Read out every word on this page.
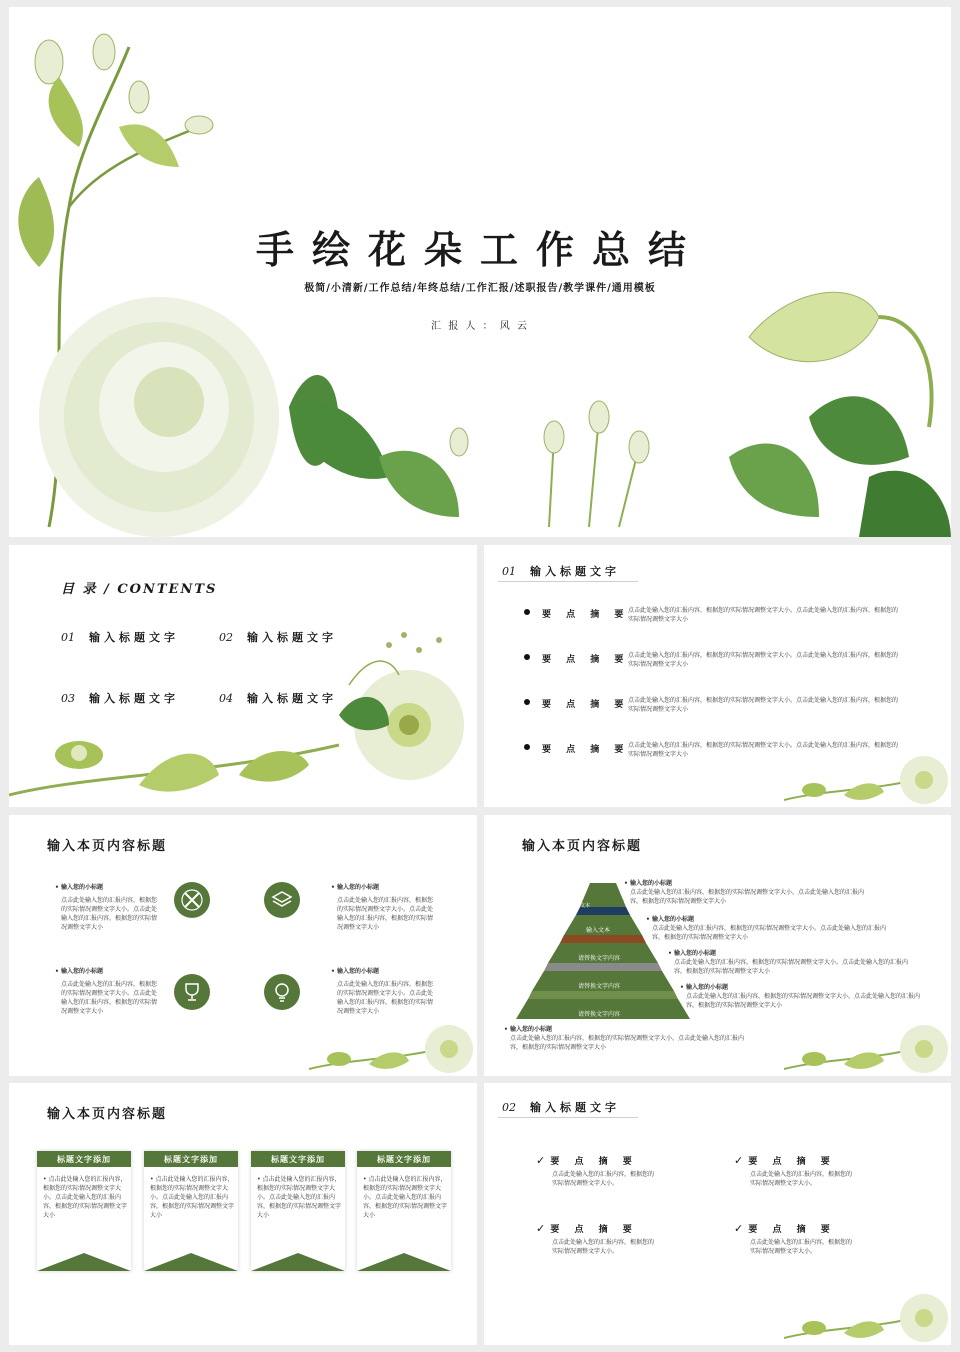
手绘花朵工作总结
极简/小清新/工作总结/年终总结/工作汇报/述职报告/教学课件/通用模板
汇 报 人 ： 风 云
目 录 / CONTENTS
01 输入标题文字	02 输入标题文字
03 输入标题文字	04 输入标题文字
01 输入标题文字
要 点 摘 要
点击此处输入您的汇报内容，根据您的实际情况调整文字大小。点击此处输入您的汇报内容，根据您的实际情况调整文字大小
要 点 摘 要
点击此处输入您的汇报内容，根据您的实际情况调整文字大小。点击此处输入您的汇报内容，根据您的实际情况调整文字大小
要 点 摘 要
点击此处输入您的汇报内容，根据您的实际情况调整文字大小。点击此处输入您的汇报内容，根据您的实际情况调整文字大小
要 点 摘 要
点击此处输入您的汇报内容，根据您的实际情况调整文字大小。点击此处输入您的汇报内容，根据您的实际情况调整文字大小
输入本页内容标题
• 输入您的小标题
点击此处输入您的汇报内容，根据您的实际情况调整文字大小。点击此处输入您的汇报内容，根据您的实际情况调整文字大小
• 输入您的小标题
点击此处输入您的汇报内容，根据您的实际情况调整文字大小。点击此处输入您的汇报内容，根据您的实际情况调整文字大小
• 输入您的小标题
点击此处输入您的汇报内容，根据您的实际情况调整文字大小。点击此处输入您的汇报内容，根据您的实际情况调整文字大小
• 输入您的小标题
点击此处输入您的汇报内容，根据您的实际情况调整文字大小。点击此处输入您的汇报内容，根据您的实际情况调整文字大小
输入本页内容标题
输入文本
输入文本
请替换文字内容
请替换文字内容
请替换文字内容
• 输入您的小标题
点击此处输入您的汇报内容，根据您的实际情况调整文字大小。点击此处输入您的汇报内容，根据您的实际情况调整文字大小
• 输入您的小标题
点击此处输入您的汇报内容，根据您的实际情况调整文字大小。点击此处输入您的汇报内容，根据您的实际情况调整文字大小
• 输入您的小标题
点击此处输入您的汇报内容，根据您的实际情况调整文字大小。点击此处输入您的汇报内容，根据您的实际情况调整文字大小
• 输入您的小标题
点击此处输入您的汇报内容，根据您的实际情况调整文字大小。点击此处输入您的汇报内容，根据您的实际情况调整文字大小
• 输入您的小标题
点击此处输入您的汇报内容，根据您的实际情况调整文字大小。点击此处输入您的汇报内容，根据您的实际情况调整文字大小
输入本页内容标题
标题文字添加
• 点击此处输入您的汇报内容，根据您的实际情况调整文字大小。点击此处输入您的汇报内容，根据您的实际情况调整文字大小
标题文字添加
• 点击此处输入您的汇报内容，根据您的实际情况调整文字大小。点击此处输入您的汇报内容，根据您的实际情况调整文字大小
标题文字添加
• 点击此处输入您的汇报内容，根据您的实际情况调整文字大小。点击此处输入您的汇报内容，根据您的实际情况调整文字大小
标题文字添加
• 点击此处输入您的汇报内容，根据您的实际情况调整文字大小。点击此处输入您的汇报内容，根据您的实际情况调整文字大小
02 输入标题文字
✓ 要 点 摘 要
点击此处输入您的汇报内容，根据您的实际情况调整文字大小。
✓ 要 点 摘 要
点击此处输入您的汇报内容，根据您的实际情况调整文字大小。
✓ 要 点 摘 要
点击此处输入您的汇报内容，根据您的实际情况调整文字大小。
✓ 要 点 摘 要
点击此处输入您的汇报内容，根据您的实际情况调整文字大小。
